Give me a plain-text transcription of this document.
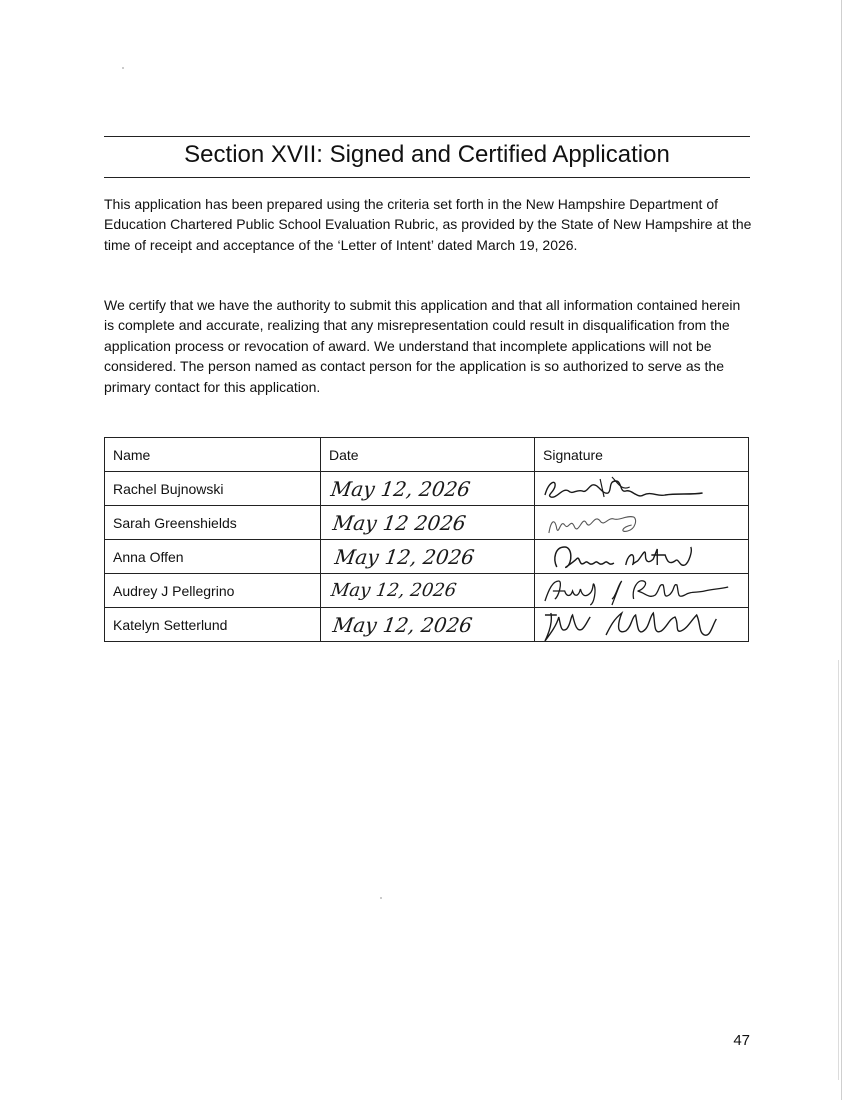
Section XVII: Signed and Certified Application

This application has been prepared using the criteria set forth in the New Hampshire Department of Education Chartered Public School Evaluation Rubric, as provided by the State of New Hampshire at the time of receipt and acceptance of the ‘Letter of Intent’ dated March 19, 2026.

We certify that we have the authority to submit this application and that all information contained herein is complete and accurate, realizing that any misrepresentation could result in disqualification from the application process or revocation of award. We understand that incomplete applications will not be considered. The person named as contact person for the application is so authorized to serve as the primary contact for this application.

Name	Date	Signature
Rachel Bujnowski	May 12, 2026	

Sarah Greenshields	May 12 2026	

Anna Offen	May 12, 2026	

Audrey J Pellegrino	May 12, 2026	

Katelyn Setterlund	May 12, 2026	
47
